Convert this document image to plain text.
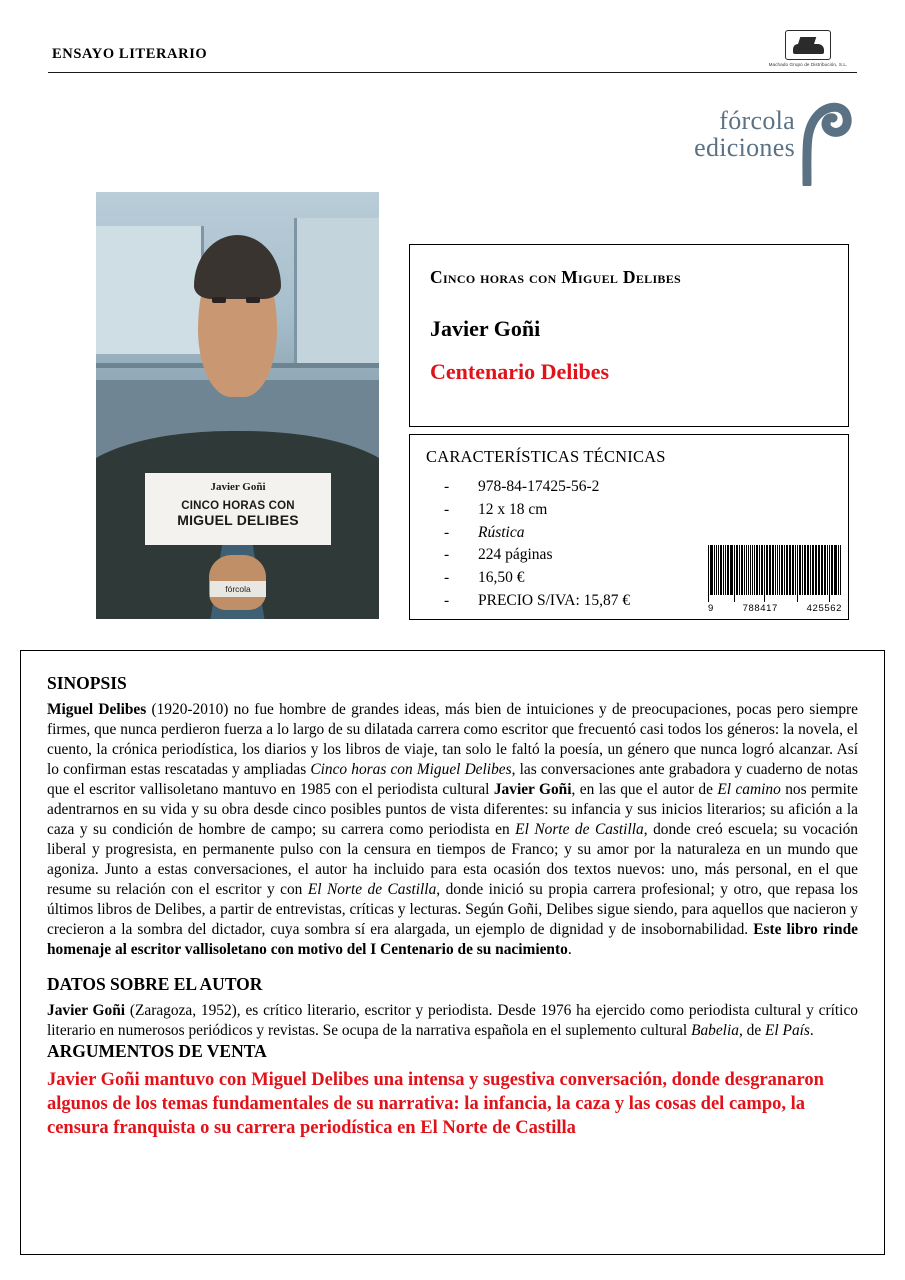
ENSAYO LITERARIO
Machado Grupo de Distribución, S.L.
fórcola
ediciones
Javier Goñi
CINCO HORAS CON
MIGUEL DELIBES
fórcola
Cinco horas con Miguel Delibes
Javier Goñi
Centenario Delibes
CARACTERÍSTICAS TÉCNICAS
- 978-84-17425-56-2
- 12 x 18 cm
- Rústica
- 224 páginas
- 16,50 €
- PRECIO S/IVA: 15,87 €	9	788417	425562
SINOPSIS

Miguel Delibes (1920-2010) no fue hombre de grandes ideas, más bien de intuiciones y de preocupaciones, pocas pero siempre firmes, que nunca perdieron fuerza a lo largo de su dilatada carrera como escritor que frecuentó casi todos los géneros: la novela, el cuento, la crónica periodística, los diarios y los libros de viaje, tan solo le faltó la poesía, un género que nunca logró alcanzar. Así lo confirman estas rescatadas y ampliadas Cinco horas con Miguel Delibes, las conversaciones ante grabadora y cuaderno de notas que el escritor vallisoletano mantuvo en 1985 con el periodista cultural Javier Goñi, en las que el autor de El camino nos permite adentrarnos en su vida y su obra desde cinco posibles puntos de vista diferentes: su infancia y sus inicios literarios; su afición a la caza y su condición de hombre de campo; su carrera como periodista en El Norte de Castilla, donde creó escuela; su vocación liberal y progresista, en permanente pulso con la censura en tiempos de Franco; y su amor por la naturaleza en un mundo que agoniza. Junto a estas conversaciones, el autor ha incluido para esta ocasión dos textos nuevos: uno, más personal, en el que resume su relación con el escritor y con El Norte de Castilla, donde inició su propia carrera profesional; y otro, que repasa los últimos libros de Delibes, a partir de entrevistas, críticas y lecturas. Según Goñi, Delibes sigue siendo, para aquellos que nacieron y crecieron a la sombra del dictador, cuya sombra sí era alargada, un ejemplo de dignidad y de insobornabilidad. Este libro rinde homenaje al escritor vallisoletano con motivo del I Centenario de su nacimiento.

DATOS SOBRE EL AUTOR

Javier Goñi (Zaragoza, 1952), es crítico literario, escritor y periodista. Desde 1976 ha ejercido como periodista cultural y crítico literario en numerosos periódicos y revistas. Se ocupa de la narrativa española en el suplemento cultural Babelia, de El País.

ARGUMENTOS DE VENTA

Javier Goñi mantuvo con Miguel Delibes una intensa y sugestiva conversación, donde desgranaron algunos de los temas fundamentales de su narrativa: la infancia, la caza y las cosas del campo, la censura franquista o su carrera periodística en El Norte de Castilla
